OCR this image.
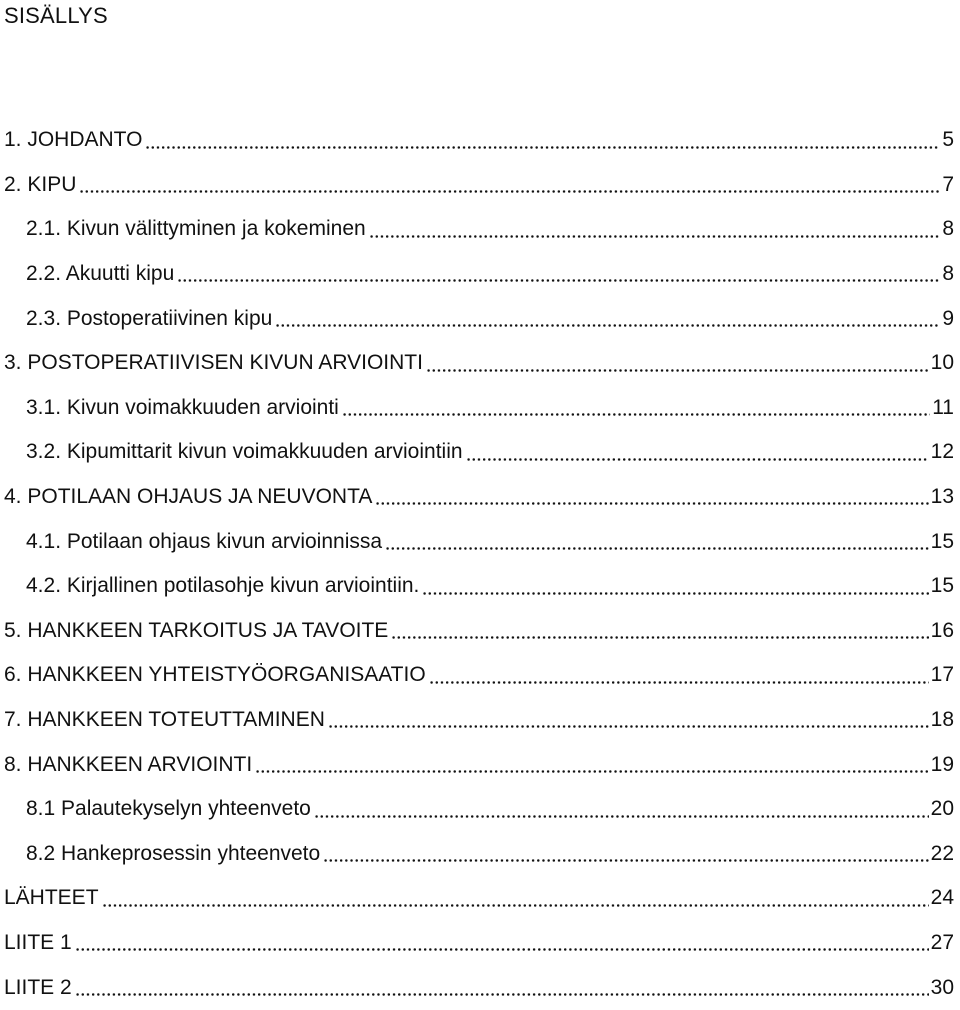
SISÄLLYS
1. JOHDANTO	5
2. KIPU	7
2.1. Kivun välittyminen ja kokeminen	8
2.2. Akuutti kipu	8
2.3. Postoperatiivinen kipu	9
3. POSTOPERATIIVISEN KIVUN ARVIOINTI	10
3.1. Kivun voimakkuuden arviointi	11
3.2. Kipumittarit kivun voimakkuuden arviointiin	12
4. POTILAAN OHJAUS JA NEUVONTA	13
4.1. Potilaan ohjaus kivun arvioinnissa	15
4.2. Kirjallinen potilasohje kivun arviointiin.	15
5. HANKKEEN TARKOITUS JA TAVOITE	16
6. HANKKEEN YHTEISTYÖORGANISAATIO	17
7. HANKKEEN TOTEUTTAMINEN	18
8. HANKKEEN ARVIOINTI	19
8.1 Palautekyselyn yhteenveto	20
8.2 Hankeprosessin yhteenveto	22
LÄHTEET	24
LIITE 1	27
LIITE 2	30
